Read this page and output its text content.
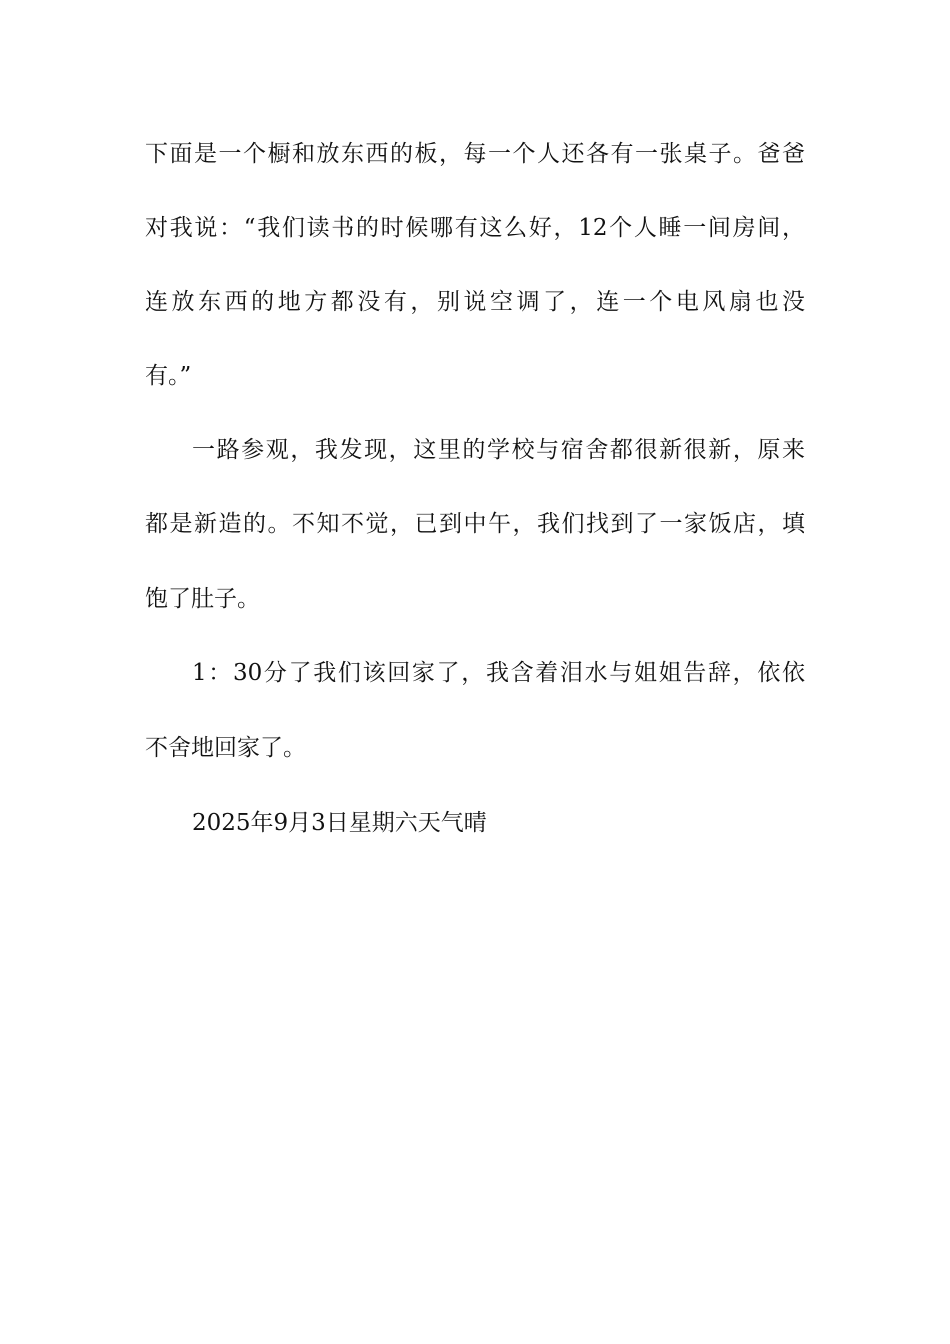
下面是一个橱和放东西的板，每一个人还各有一张桌子。爸爸
对我说：“我们读书的时候哪有这么好，12个人睡一间房间，
连放东西的地方都没有，别说空调了，连一个电风扇也没
有。”
一路参观，我发现，这里的学校与宿舍都很新很新，原来
都是新造的。不知不觉，已到中午，我们找到了一家饭店，填
饱了肚子。
1：30分了我们该回家了，我含着泪水与姐姐告辞，依依
不舍地回家了。
2025年9月3日星期六天气晴
